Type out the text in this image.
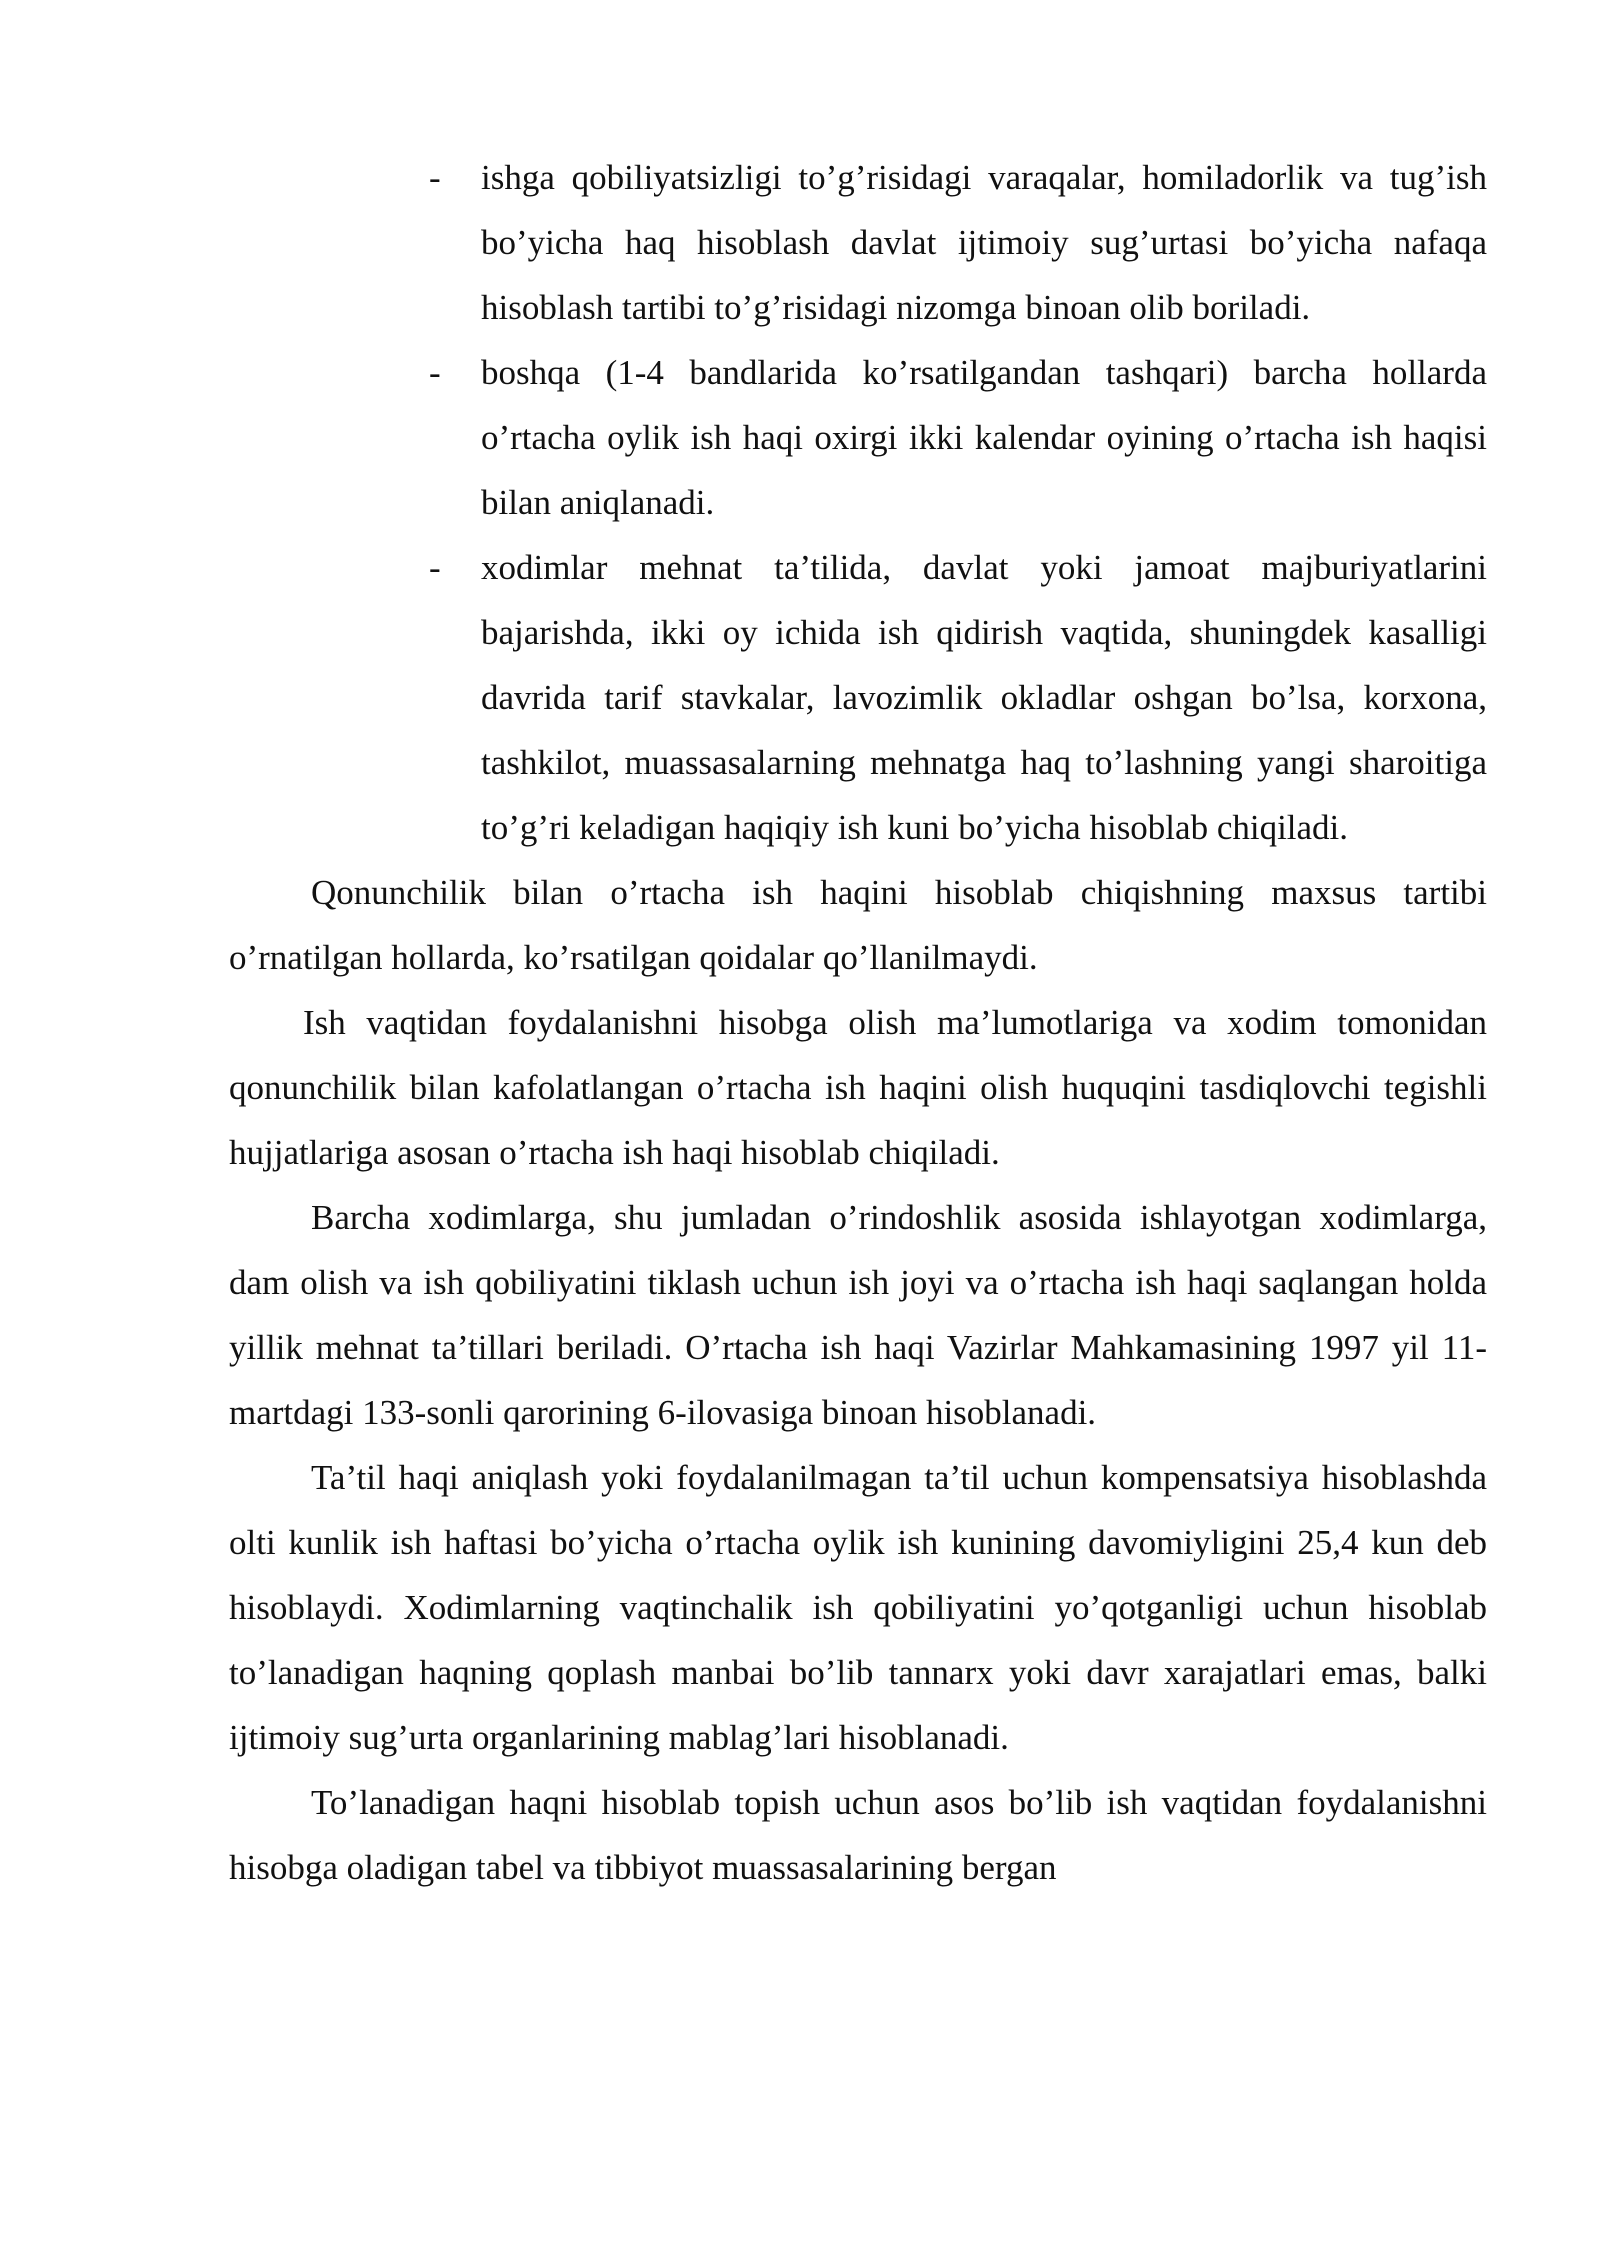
-	ishga qobiliyatsizligi to’g’risidagi varaqalar, homiladorlik va tug’ish bo’yicha haq hisoblash davlat ijtimoiy sug’urtasi bo’yicha nafaqa hisoblash tartibi to’g’risidagi nizomga binoan olib boriladi.
-	boshqa (1-4 bandlarida ko’rsatilgandan tashqari) barcha hollarda o’rtacha oylik ish haqi oxirgi ikki kalendar oyining o’rtacha ish haqisi bilan aniqlanadi.
-	xodimlar mehnat ta’tilida, davlat yoki jamoat majburiyatlarini bajarishda, ikki oy ichida ish qidirish vaqtida, shuningdek kasalligi davrida tarif stavkalar, lavozimlik okladlar oshgan bo’lsa, korxona, tashkilot, muassasalarning mehnatga haq to’lashning yangi sharoitiga to’g’ri keladigan haqiqiy ish kuni bo’yicha hisoblab chiqiladi.

Qonunchilik bilan o’rtacha ish haqini hisoblab chiqishning maxsus tartibi o’rnatilgan hollarda, ko’rsatilgan qoidalar qo’llanilmaydi.

Ish vaqtidan foydalanishni hisobga olish ma’lumotlariga va xodim tomonidan qonunchilik bilan kafolatlangan o’rtacha ish haqini olish huquqini tasdiqlovchi tegishli hujjatlariga asosan o’rtacha ish haqi hisoblab chiqiladi.

Barcha xodimlarga, shu jumladan o’rindoshlik asosida ishlayotgan xodimlarga, dam olish va ish qobiliyatini tiklash uchun ish joyi va o’rtacha ish haqi saqlangan holda yillik mehnat ta’tillari beriladi. O’rtacha ish haqi Vazirlar Mahkamasining 1997 yil 11-martdagi 133-sonli qarorining 6-ilovasiga binoan hisoblanadi.

Ta’til haqi aniqlash yoki foydalanilmagan ta’til uchun kompensatsiya hisoblashda olti kunlik ish haftasi bo’yicha o’rtacha oylik ish kunining davomiyligini 25,4 kun deb hisoblaydi. Xodimlarning vaqtinchalik ish qobiliyatini yo’qotganligi uchun hisoblab to’lanadigan haqning qoplash manbai bo’lib tannarx yoki davr xarajatlari emas, balki ijtimoiy sug’urta organlarining mablag’lari hisoblanadi.

To’lanadigan haqni hisoblab topish uchun asos bo’lib ish vaqtidan foydalanishni hisobga oladigan tabel va tibbiyot muassasalarining bergan
